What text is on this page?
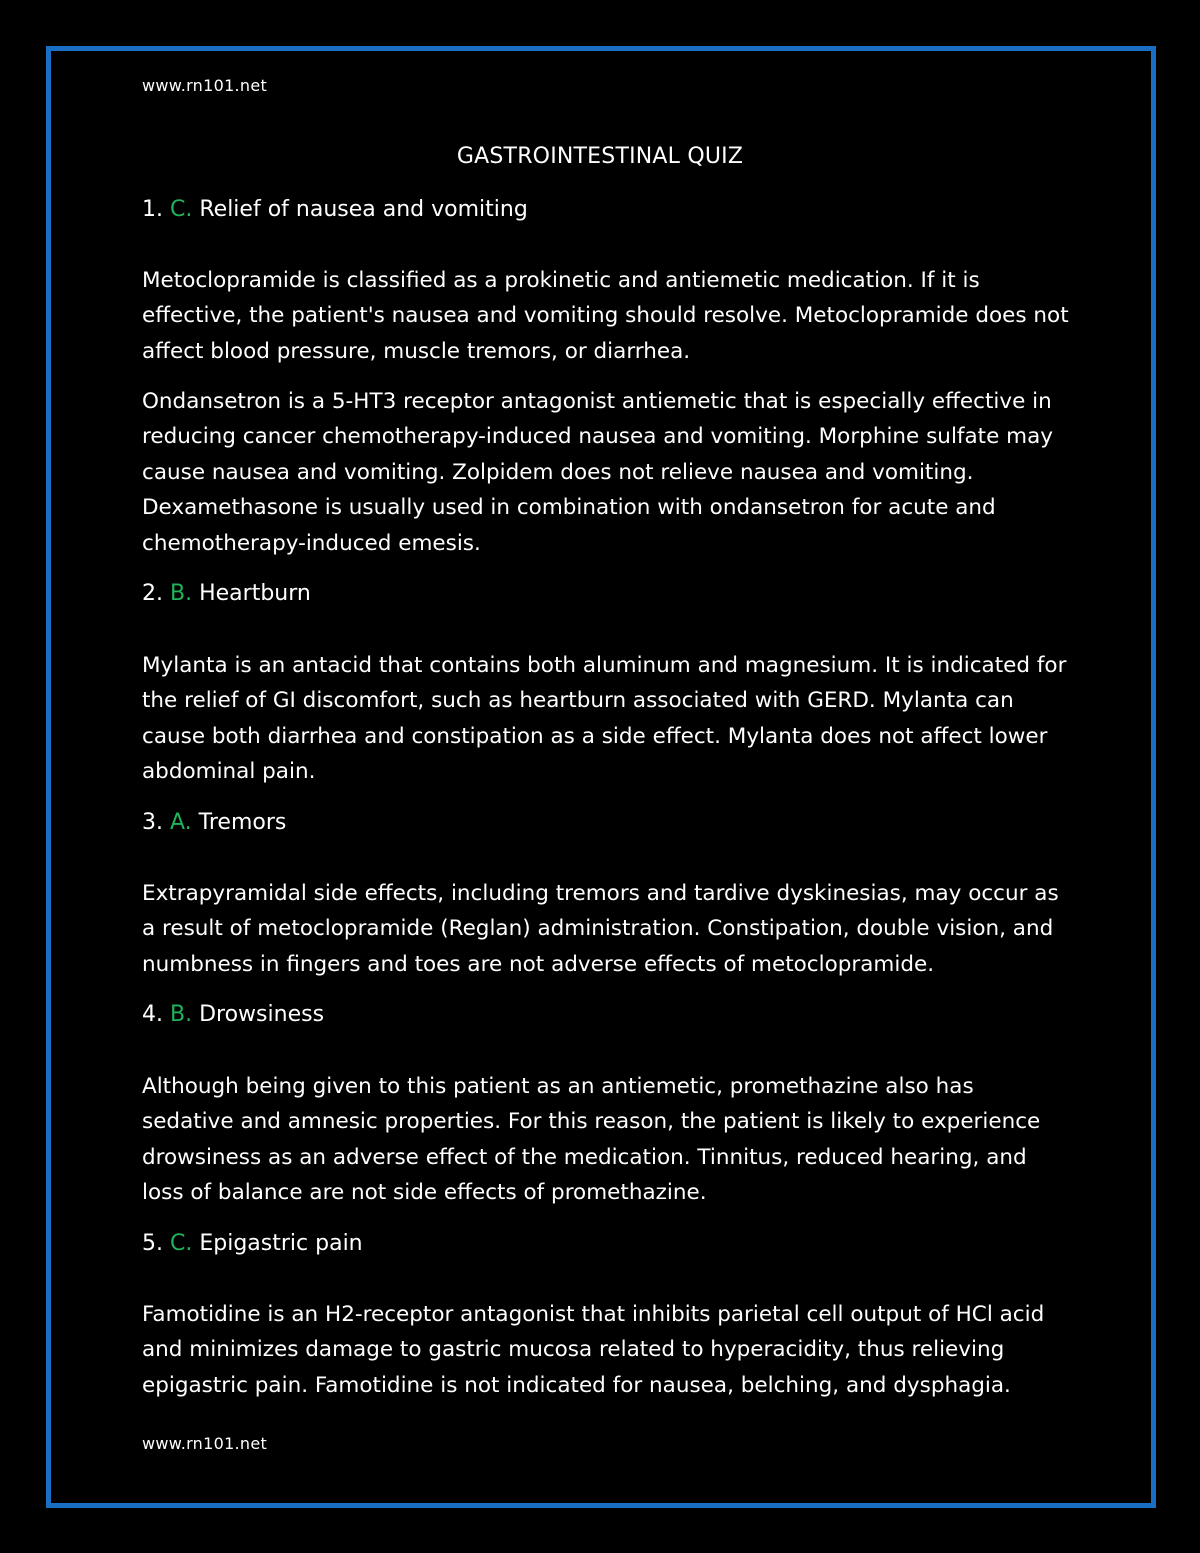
www.rn101.net
GASTROINTESTINAL QUIZ
1. C. Relief of nausea and vomiting

Metoclopramide is classified as a prokinetic and antiemetic medication. If it is effective, the patient's nausea and vomiting should resolve. Metoclopramide does not affect blood pressure, muscle tremors, or diarrhea.

Ondansetron is a 5-HT3 receptor antagonist antiemetic that is especially effective in reducing cancer chemotherapy-induced nausea and vomiting. Morphine sulfate may cause nausea and vomiting. Zolpidem does not relieve nausea and vomiting. Dexamethasone is usually used in combination with ondansetron for acute and chemotherapy-induced emesis.

2. B. Heartburn

Mylanta is an antacid that contains both aluminum and magnesium. It is indicated for the relief of GI discomfort, such as heartburn associated with GERD. Mylanta can cause both diarrhea and constipation as a side effect. Mylanta does not affect lower abdominal pain.

3. A. Tremors

Extrapyramidal side effects, including tremors and tardive dyskinesias, may occur as a result of metoclopramide (Reglan) administration. Constipation, double vision, and numbness in fingers and toes are not adverse effects of metoclopramide.

4. B. Drowsiness

Although being given to this patient as an antiemetic, promethazine also has sedative and amnesic properties. For this reason, the patient is likely to experience drowsiness as an adverse effect of the medication. Tinnitus, reduced hearing, and loss of balance are not side effects of promethazine.

5. C. Epigastric pain

Famotidine is an H2-receptor antagonist that inhibits parietal cell output of HCl acid and minimizes damage to gastric mucosa related to hyperacidity, thus relieving epigastric pain. Famotidine is not indicated for nausea, belching, and dysphagia.

www.rn101.net
